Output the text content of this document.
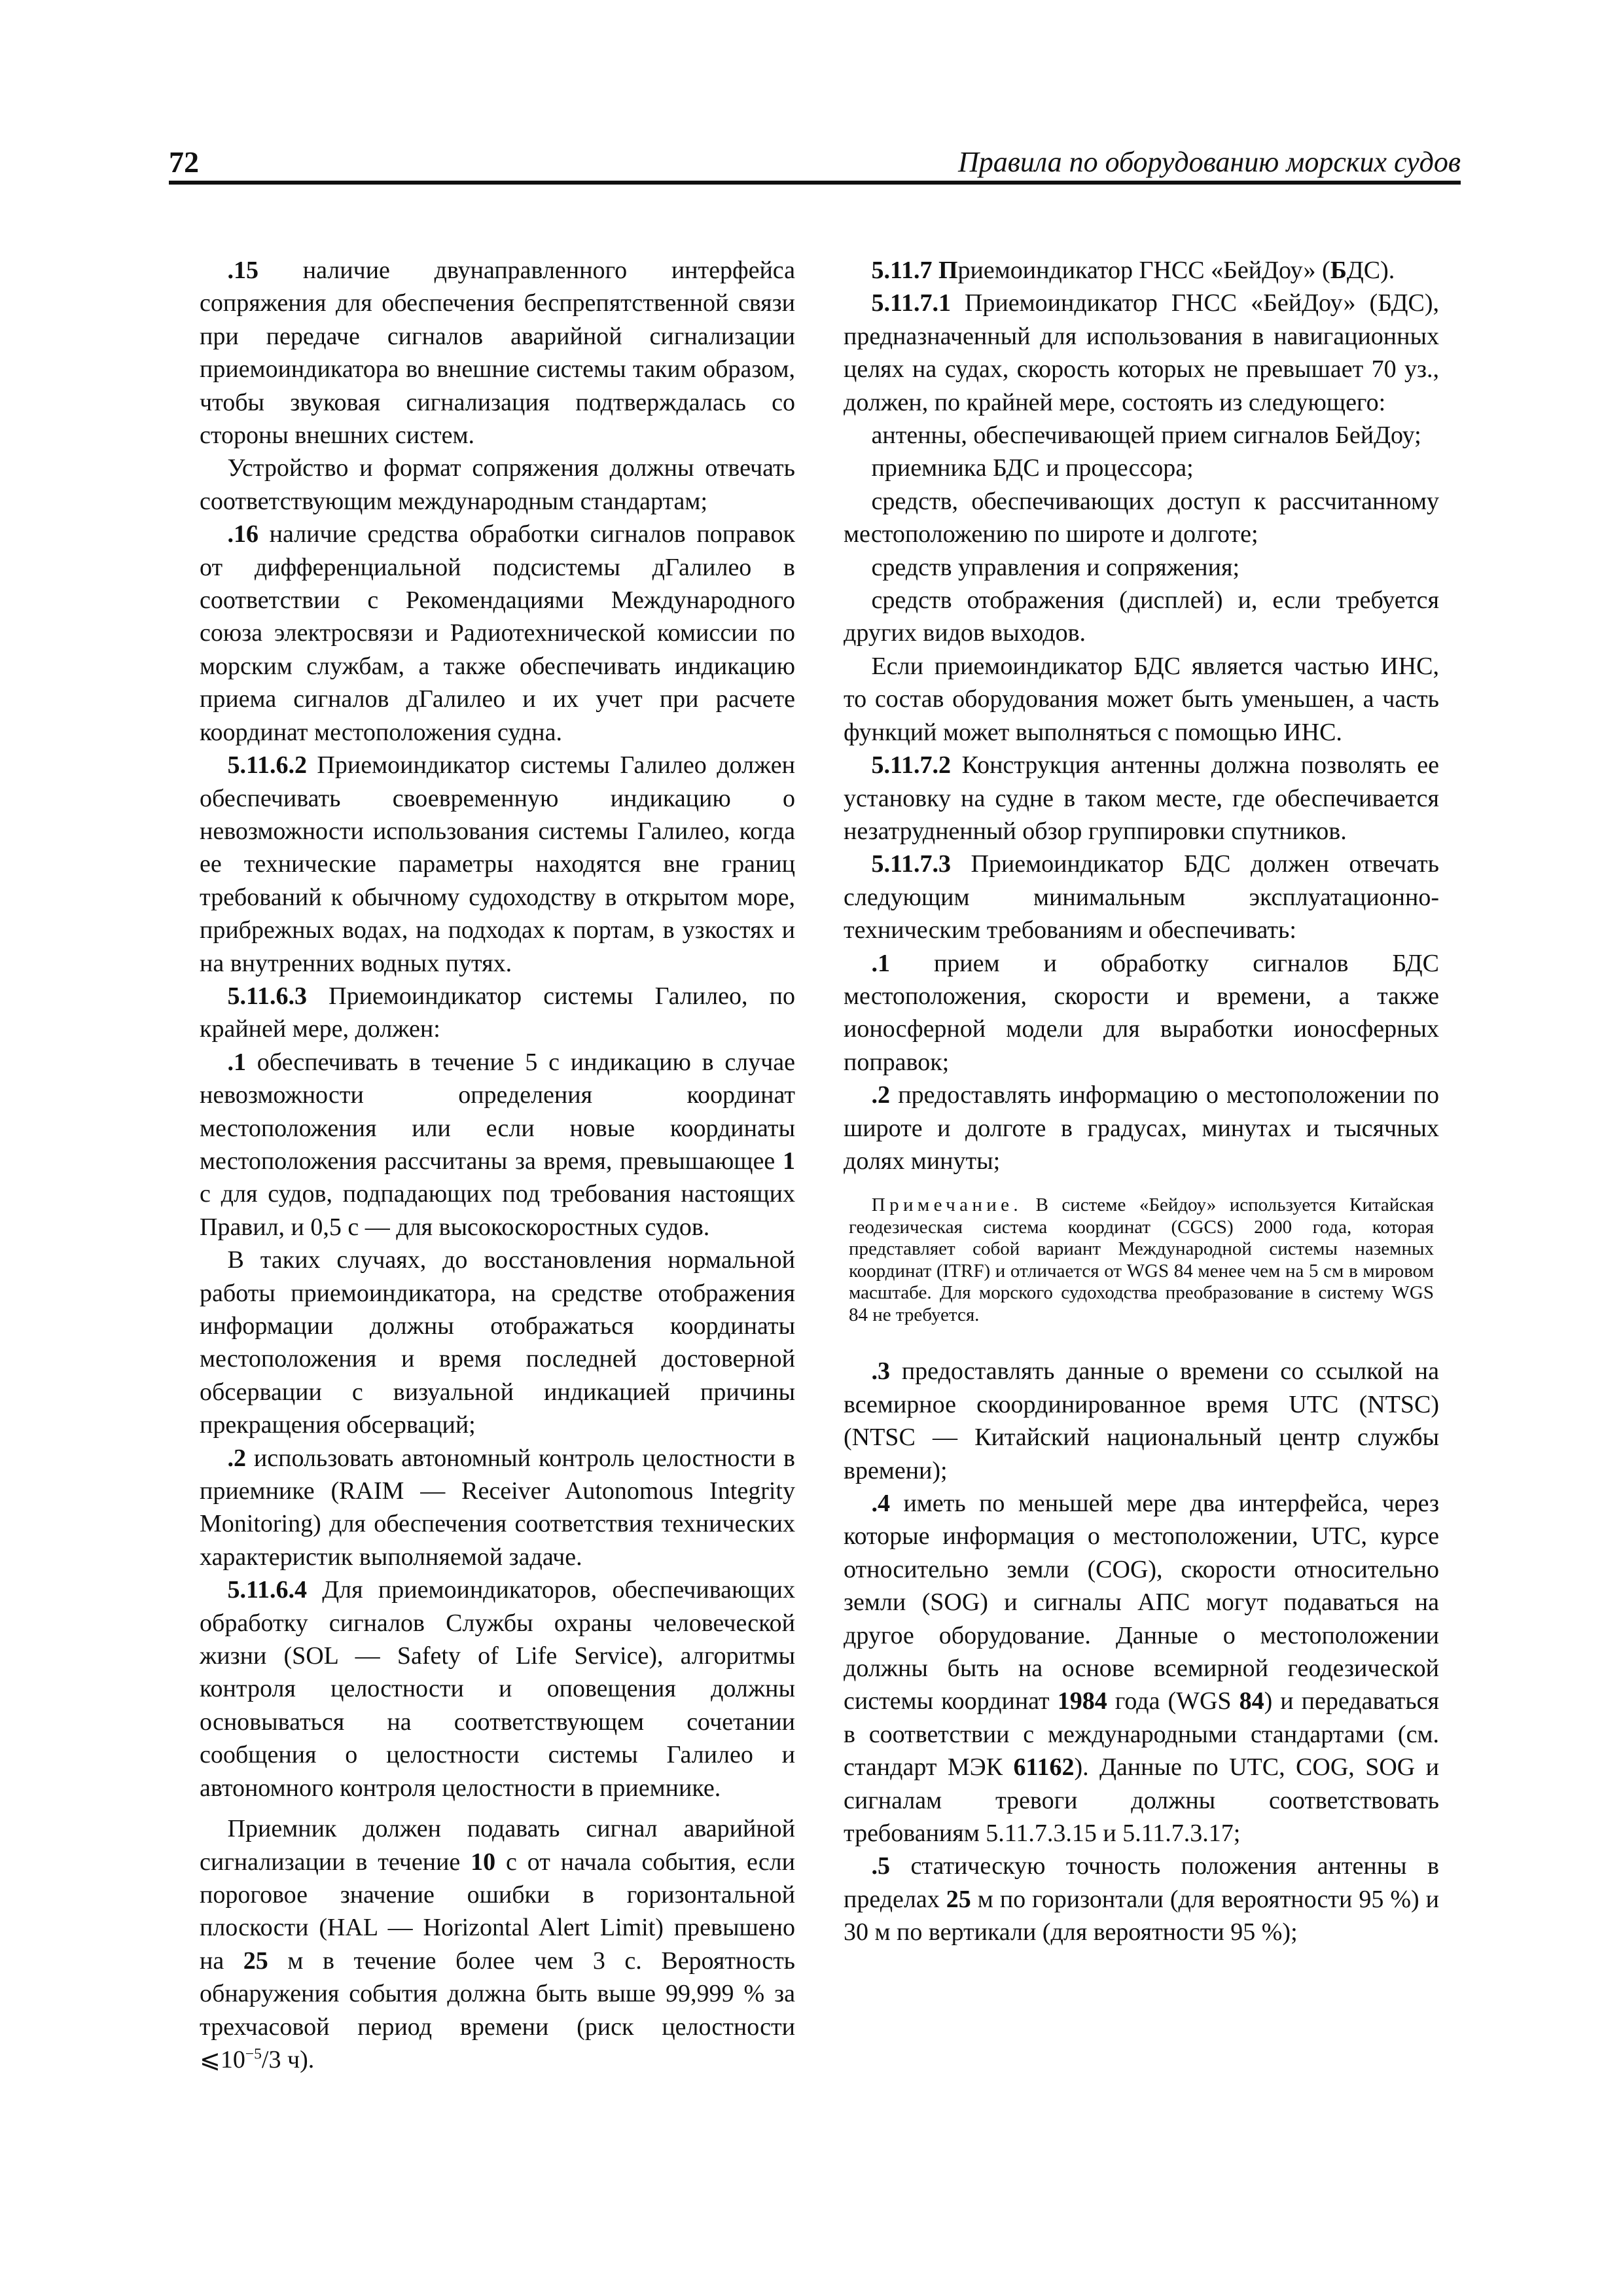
72	Правила по оборудованию морских судов

.15 наличие двунаправленного интерфейса сопряжения для обеспечения беспрепятственной связи при передаче сигналов аварийной сигнализации приемоиндикатора во внешние системы таким образом, чтобы звуковая сигнализация подтверждалась со стороны внешних систем.

Устройство и формат сопряжения должны отвечать соответствующим международным стандартам;

.16 наличие средства обработки сигналов поправок от дифференциальной подсистемы дГалилео в соответствии с Рекомендациями Международного союза электросвязи и Радиотехнической комиссии по морским службам, а также обеспечивать индикацию приема сигналов дГалилео и их учет при расчете координат местоположения судна.

5.11.6.2 Приемоиндикатор системы Галилео должен обеспечивать своевременную индикацию о невозможности использования системы Галилео, когда ее технические параметры находятся вне границ требований к обычному судоходству в открытом море, прибрежных водах, на подходах к портам, в узкостях и на внутренних водных путях.

5.11.6.3 Приемоиндикатор системы Галилео, по крайней мере, должен:

.1 обеспечивать в течение 5 с индикацию в случае невозможности определения координат местоположения или если новые координаты местоположения рассчитаны за время, превышающее 1 с для судов, подпадающих под требования настоящих Правил, и 0,5 с — для высокоскоростных судов.

В таких случаях, до восстановления нормальной работы приемоиндикатора, на средстве отображения информации должны отображаться координаты местоположения и время последней достоверной обсервации с визуальной индикацией причины прекращения обсерваций;

.2 использовать автономный контроль целостности в приемнике (RAIM — Receiver Autonomous Integrity Monitoring) для обеспечения соответствия технических характеристик выполняемой задаче.

5.11.6.4 Для приемоиндикаторов, обеспечивающих обработку сигналов Службы охраны человеческой жизни (SOL — Safety of Life Service), алгоритмы контроля целостности и оповещения должны основываться на соответствующем сочетании сообщения о целостности системы Галилео и автономного контроля целостности в приемнике.

Приемник должен подавать сигнал аварийной сигнализации в течение 10 с от начала события, если пороговое значение ошибки в горизонтальной плоскости (HAL — Horizontal Alert Limit) превышено на 25 м в течение более чем 3 с. Вероятность обнаружения события должна быть выше 99,999 % за трехчасовой период времени (риск целостности $⩽10^{-5}/3$ ч).

5.11.7 Приемоиндикатор ГНСС «БейДоу» (БДС).

5.11.7.1 Приемоиндикатор ГНСС «БейДоу» (БДС), предназначенный для использования в навигационных целях на судах, скорость которых не превышает 70 уз., должен, по крайней мере, состоять из следующего:

антенны, обеспечивающей прием сигналов БейДоу;

приемника БДС и процессора;

средств, обеспечивающих доступ к рассчитанному местоположению по широте и долготе;

средств управления и сопряжения;

средств отображения (дисплей) и, если требуется других видов выходов.

Если приемоиндикатор БДС является частью ИНС, то состав оборудования может быть уменьшен, а часть функций может выполняться с помощью ИНС.

5.11.7.2 Конструкция антенны должна позволять ее установку на судне в таком месте, где обеспечивается незатрудненный обзор группировки спутников.

5.11.7.3 Приемоиндикатор БДС должен отвечать следующим минимальным эксплуатационно-техническим требованиям и обеспечивать:

.1 прием и обработку сигналов БДС местоположения, скорости и времени, а также ионосферной модели для выработки ионосферных поправок;

.2 предоставлять информацию о местоположении по широте и долготе в градусах, минутах и тысячных долях минуты;

Примечание. В системе «Бейдоу» используется Китайская геодезическая система координат (CGCS) 2000 года, которая представляет собой вариант Международной системы наземных координат (ITRF) и отличается от WGS 84 менее чем на 5 см в мировом масштабе. Для морского судоходства преобразование в систему WGS 84 не требуется.

.3 предоставлять данные о времени со ссылкой на всемирное скоординированное время UTC (NTSC) (NTSC — Китайский национальный центр службы времени);

.4 иметь по меньшей мере два интерфейса, через которые информация о местоположении, UTC, курсе относительно земли (COG), скорости относительно земли (SOG) и сигналы АПС могут подаваться на другое оборудование. Данные о местоположении должны быть на основе всемирной геодезической системы координат 1984 года (WGS 84) и передаваться в соответствии с международными стандартами (см. стандарт МЭК 61162). Данные по UTC, COG, SOG и сигналам тревоги должны соответствовать требованиям 5.11.7.3.15 и 5.11.7.3.17;

.5 статическую точность положения антенны в пределах 25 м по горизонтали (для вероятности 95 %) и 30 м по вертикали (для вероятности 95 %);
